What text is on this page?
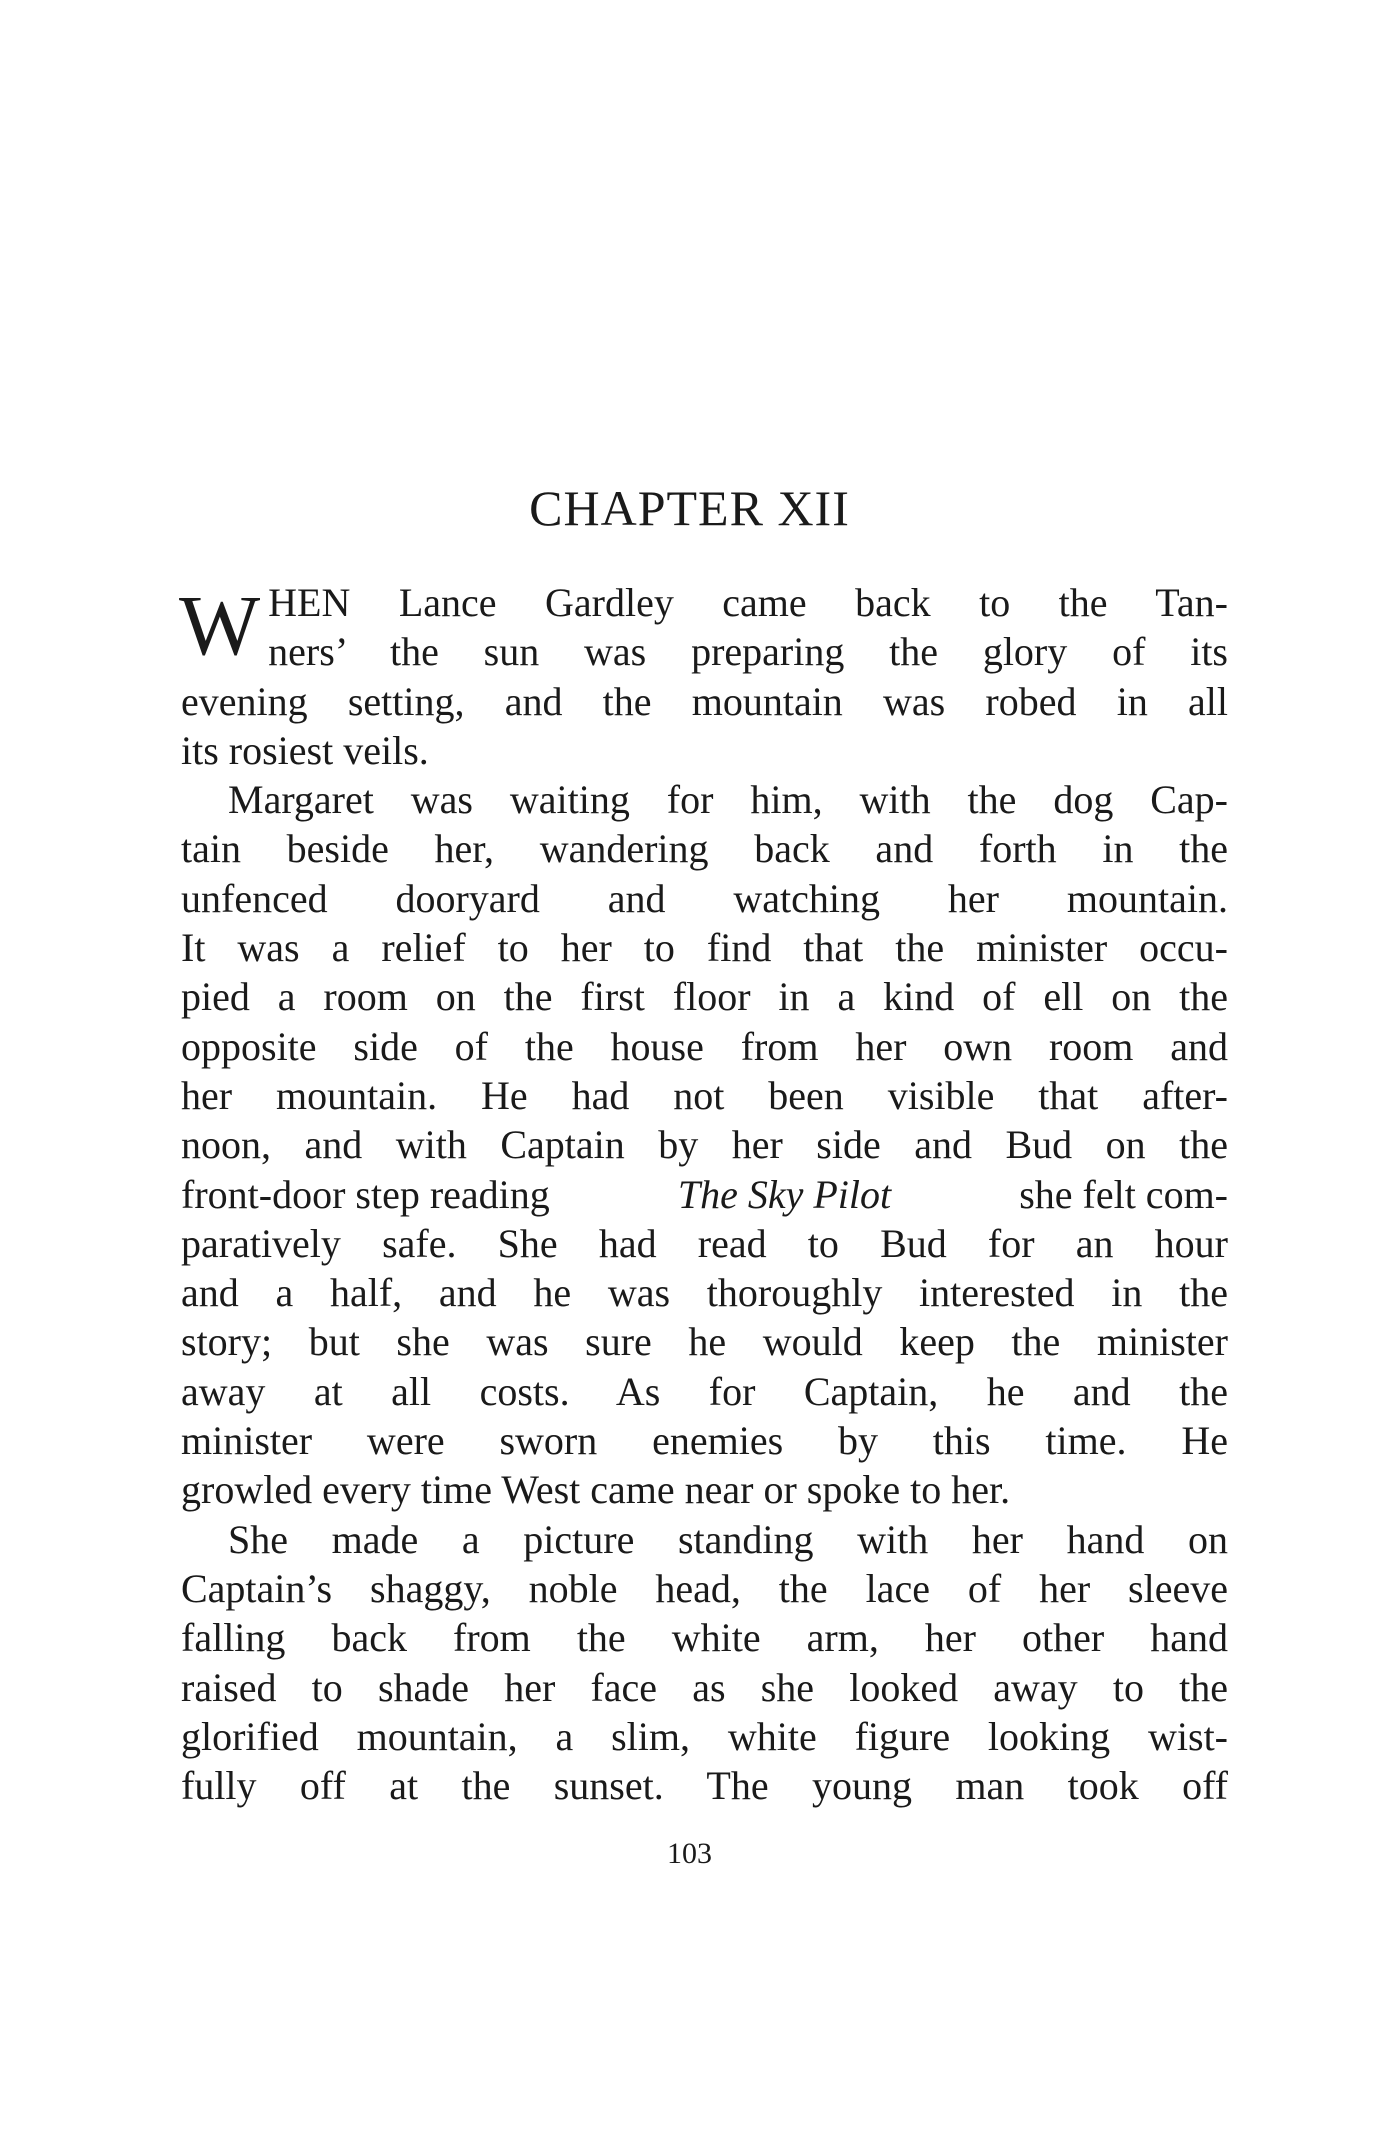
CHAPTER XII
W HEN Lance Gardley came back to the Tan-
ners’ the sun was preparing the glory of its
evening setting, and the mountain was robed in all
its rosiest veils.
Margaret was waiting for him, with the dog Cap-
tain beside her, wandering back and forth in the
unfenced dooryard and watching her mountain.
It was a relief to her to find that the minister occu-
pied a room on the first floor in a kind of ell on the
opposite side of the house from her own room and
her mountain. He had not been visible that after-
noon, and with Captain by her side and Bud on the
front-door step reading	The Sky Pilot	she felt com-
paratively safe. She had read to Bud for an hour
and a half, and he was thoroughly interested in the
story; but she was sure he would keep the minister
away at all costs. As for Captain, he and the
minister were sworn enemies by this time. He
growled every time West came near or spoke to her.
She made a picture standing with her hand on
Captain’s shaggy, noble head, the lace of her sleeve
falling back from the white arm, her other hand
raised to shade her face as she looked away to the
glorified mountain, a slim, white figure looking wist-
fully off at the sunset. The young man took off
103
